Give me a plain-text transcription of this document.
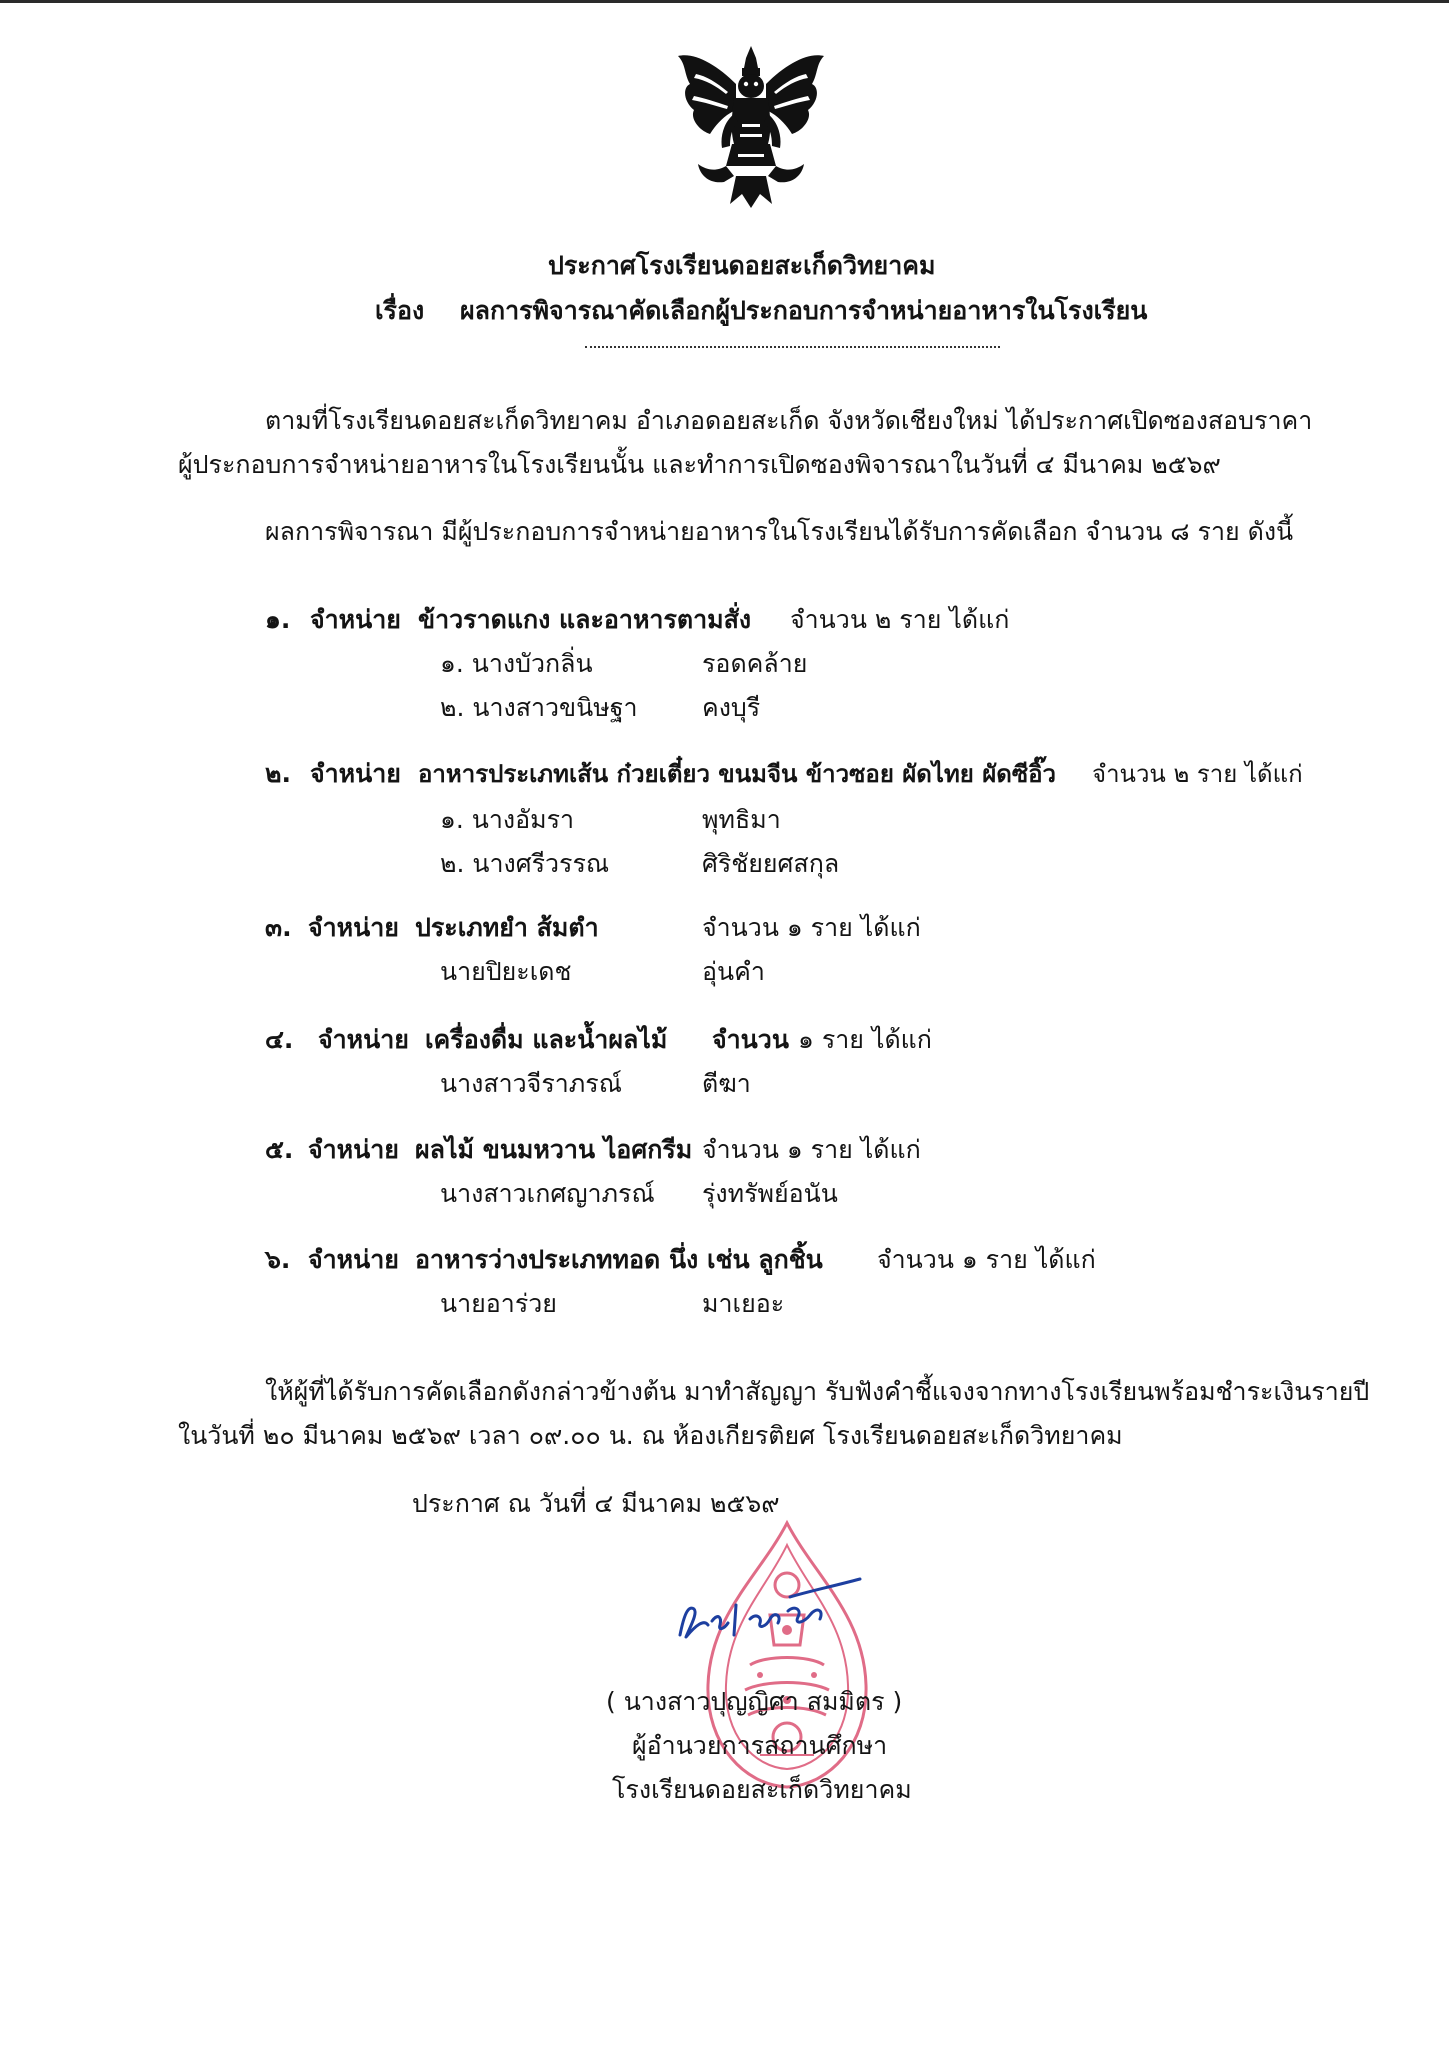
ประกาศโรงเรียนดอยสะเก็ดวิทยาคม
เรื่อง ผลการพิจารณาคัดเลือกผู้ประกอบการจำหน่ายอาหารในโรงเรียน
ตามที่โรงเรียนดอยสะเก็ดวิทยาคม อำเภอดอยสะเก็ด จังหวัดเชียงใหม่ ได้ประกาศเปิดซองสอบราคา
ผู้ประกอบการจำหน่ายอาหารในโรงเรียนนั้น และทำการเปิดซองพิจารณาในวันที่ ๔ มีนาคม ๒๕๖๙
ผลการพิจารณา มีผู้ประกอบการจำหน่ายอาหารในโรงเรียนได้รับการคัดเลือก จำนวน ๘ ราย ดังนี้
๑. จำหน่าย ข้าวราดแกง และอาหารตามสั่ง จำนวน ๒ ราย ได้แก่
๑. นางบัวกลิ่น	รอดคล้าย
๒. นางสาวขนิษฐา	คงบุรี
๒. จำหน่าย อาหารประเภทเส้น ก๋วยเตี๋ยว ขนมจีน ข้าวซอย ผัดไทย ผัดซีอิ๊ว จำนวน ๒ ราย ได้แก่
๑. นางอัมรา	พุทธิมา
๒. นางศรีวรรณ	ศิริชัยยศสกุล
๓. จำหน่าย ประเภทยำ ส้มตำ	จำนวน ๑ ราย ได้แก่
นายปิยะเดช	อุ่นคำ
๔. จำหน่าย เครื่องดื่ม และน้ำผลไม้ จำนวน ๑ ราย ได้แก่
นางสาวจีราภรณ์	ตีฆา
๕. จำหน่าย ผลไม้ ขนมหวาน ไอศกรีม จำนวน ๑ ราย ได้แก่
นางสาวเกศญาภรณ์ รุ่งทรัพย์อนัน
๖. จำหน่าย อาหารว่างประเภททอด นึ่ง เช่น ลูกชิ้น จำนวน ๑ ราย ได้แก่
นายอาร่วย	มาเยอะ
ให้ผู้ที่ได้รับการคัดเลือกดังกล่าวข้างต้น มาทำสัญญา รับฟังคำชี้แจงจากทางโรงเรียนพร้อมชำระเงินรายปี
ในวันที่ ๒๐ มีนาคม ๒๕๖๙ เวลา ๐๙.๐๐ น. ณ ห้องเกียรติยศ โรงเรียนดอยสะเก็ดวิทยาคม
ประกาศ ณ วันที่ ๔ มีนาคม ๒๕๖๙
( นางสาวปุญญิศา สมมิตร )
ผู้อำนวยการสถานศึกษา
โรงเรียนดอยสะเก็ดวิทยาคม
